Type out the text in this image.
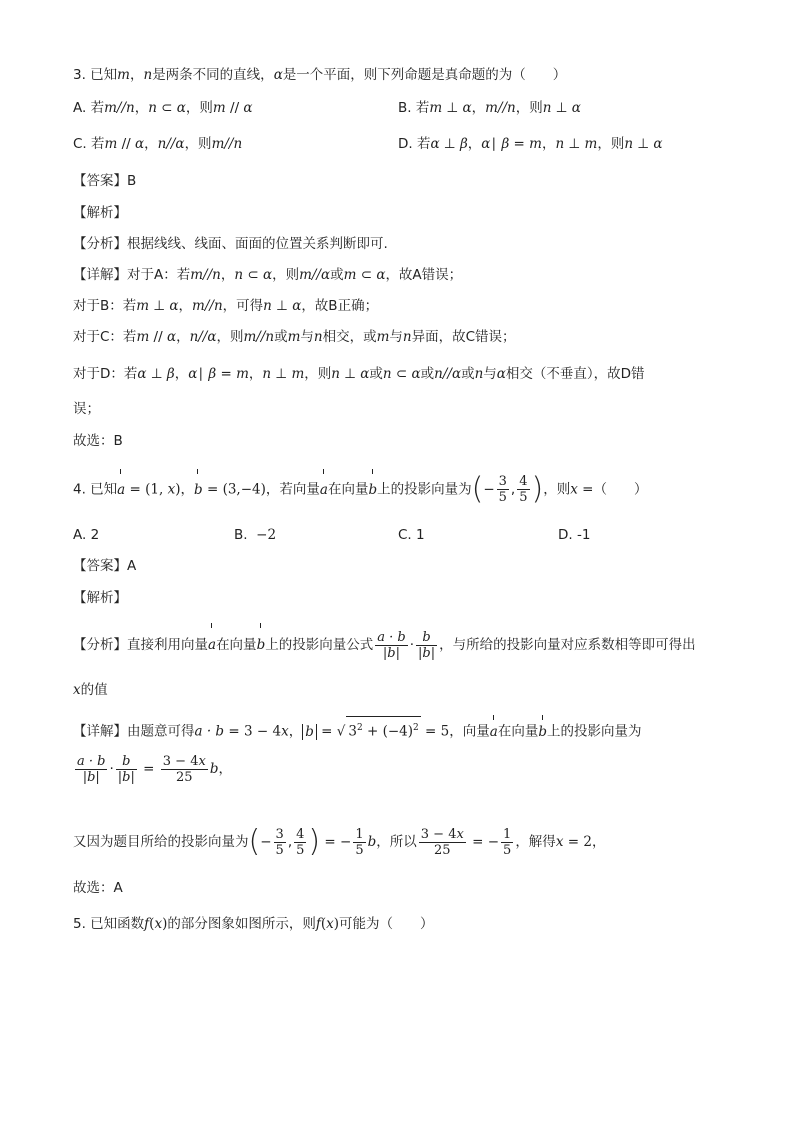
3. 已知m，n是两条不同的直线，α是一个平面，则下列命题是真命题的为（　　）
A. 若m//n，n ⊂ α，则m // α	B. 若m ⊥ α，m//n，则n ⊥ α
C. 若m // α，n//α，则m//n	D. 若α ⊥ β，α∣ β = m，n ⊥ m，则n ⊥ α
【答案】B
【解析】
【分析】根据线线、线面、面面的位置关系判断即可.
【详解】对于A：若m//n，n ⊂ α，则m//α或m ⊂ α，故A错误；
对于B：若m ⊥ α，m//n，可得n ⊥ α，故B正确；
对于C：若m // α，n//α，则m//n或m与n相交，或m与n异面，故C错误；
对于D：若α ⊥ β，α∣ β = m，n ⊥ m，则n ⊥ α或n ⊂ α或n//α或n与α相交（不垂直），故D错
误；
故选：B
4. 已知a = (1, x)，b = (3,−4)，若向量a在向量b上的投影向量为(− $\frac{3}{5}$ , $\frac{4}{5}$ )，则x =（　　）
A. 2	B. −2	C. 1	D. -1
【答案】A
【解析】
【分析】直接利用向量a在向量b上的投影向量公式 $\frac{a \cdot b}{|b|} \cdot \frac{b}{|b|}$ ，与所给的投影向量对应系数相等即可得出
x的值
【详解】由题意可得a · b = 3 − 4x， b = √ $3^2 + (-4)^2 = 5$，向量a在向量b上的投影向量为
$\frac{a \cdot b}{|b|} \cdot \frac{b}{|b|} = \frac{3 - 4x}{25}$ b，
又因为题目所给的投影向量为(− $\frac{3}{5}$ , $\frac{4}{5}$ ) = − $\frac{1}{5}$ b，所以 $\frac{3 - 4x}{25}$ = − $\frac{1}{5}$ ，解得x = 2，
故选：A
5. 已知函数f(x)的部分图象如图所示，则f(x)可能为（　　）
